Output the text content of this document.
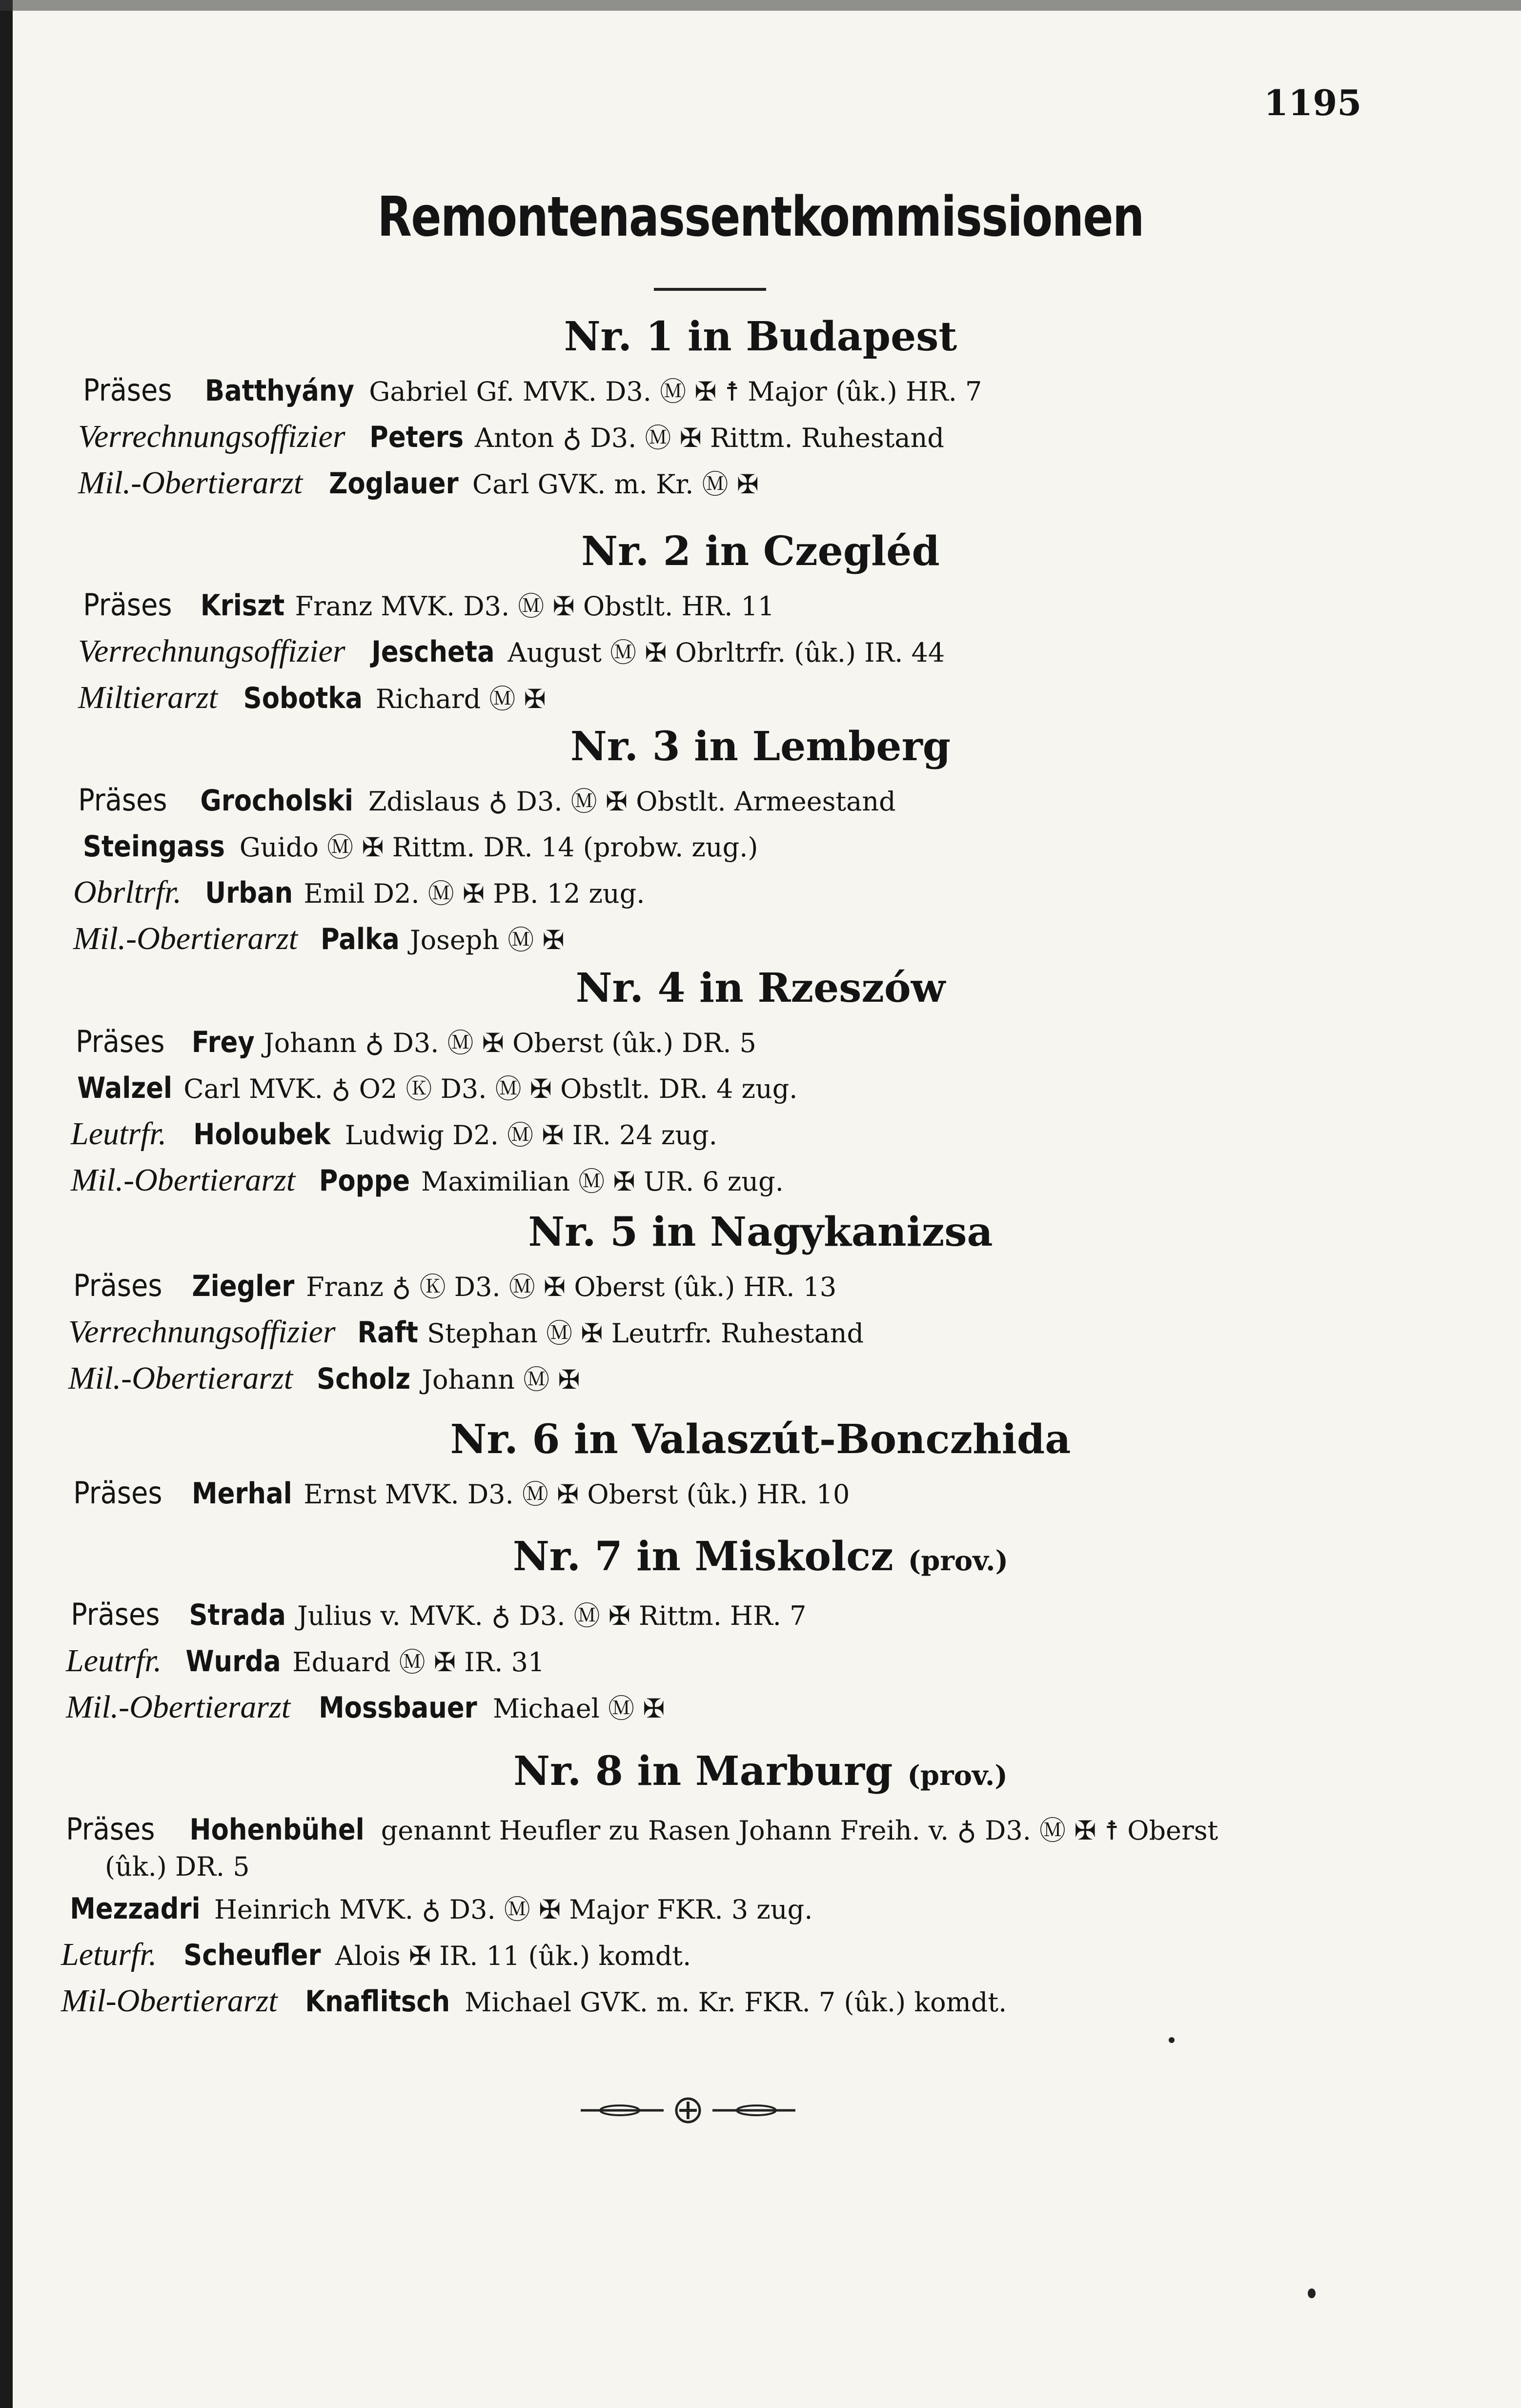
1195
Remontenassentkommissionen
Nr. 1 in Budapest
Präses Batthyány Gabriel Gf. MVK. D3. Ⓜ ✠ ☨ Major (ûk.) HR. 7
Verrechnungsoffizier Peters Anton ♁ D3. Ⓜ ✠ Rittm. Ruhestand
Mil.-Obertierarzt Zoglauer Carl GVK. m. Kr. Ⓜ ✠
Nr. 2 in Czegléd
Präses Kriszt Franz MVK. D3. Ⓜ ✠ Obstlt. HR. 11
Verrechnungsoffizier Jescheta August Ⓜ ✠ Obrltrfr. (ûk.) IR. 44
Miltierarzt Sobotka Richard Ⓜ ✠
Nr. 3 in Lemberg
Präses Grocholski Zdislaus ♁ D3. Ⓜ ✠ Obstlt. Armeestand
Steingass Guido Ⓜ ✠ Rittm. DR. 14 (probw. zug.)
Obrltrfr. Urban Emil D2. Ⓜ ✠ PB. 12 zug.
Mil.-Obertierarzt Palka Joseph Ⓜ ✠
Nr. 4 in Rzeszów
Präses Frey Johann ♁ D3. Ⓜ ✠ Oberst (ûk.) DR. 5
Walzel Carl MVK. ♁ O2 Ⓚ D3. Ⓜ ✠ Obstlt. DR. 4 zug.
Leutrfr. Holoubek Ludwig D2. Ⓜ ✠ IR. 24 zug.
Mil.-Obertierarzt Poppe Maximilian Ⓜ ✠ UR. 6 zug.
Nr. 5 in Nagykanizsa
Präses Ziegler Franz ♁ Ⓚ D3. Ⓜ ✠ Oberst (ûk.) HR. 13
Verrechnungsoffizier Raft Stephan Ⓜ ✠ Leutrfr. Ruhestand
Mil.-Obertierarzt Scholz Johann Ⓜ ✠
Nr. 6 in Valaszút-Bonczhida
Präses Merhal Ernst MVK. D3. Ⓜ ✠ Oberst (ûk.) HR. 10
Nr. 7 in Miskolcz (prov.)
Präses Strada Julius v. MVK. ♁ D3. Ⓜ ✠ Rittm. HR. 7
Leutrfr. Wurda Eduard Ⓜ ✠ IR. 31
Mil.-Obertierarzt Mossbauer Michael Ⓜ ✠
Nr. 8 in Marburg (prov.)
Präses Hohenbühel genannt Heufler zu Rasen Johann Freih. v. ♁ D3. Ⓜ ✠ ☨ Oberst
(ûk.) DR. 5
Mezzadri Heinrich MVK. ♁ D3. Ⓜ ✠ Major FKR. 3 zug.
Leturfr. Scheufler Alois ✠ IR. 11 (ûk.) komdt.
Mil-Obertierarzt Knaflitsch Michael GVK. m. Kr. FKR. 7 (ûk.) komdt.
